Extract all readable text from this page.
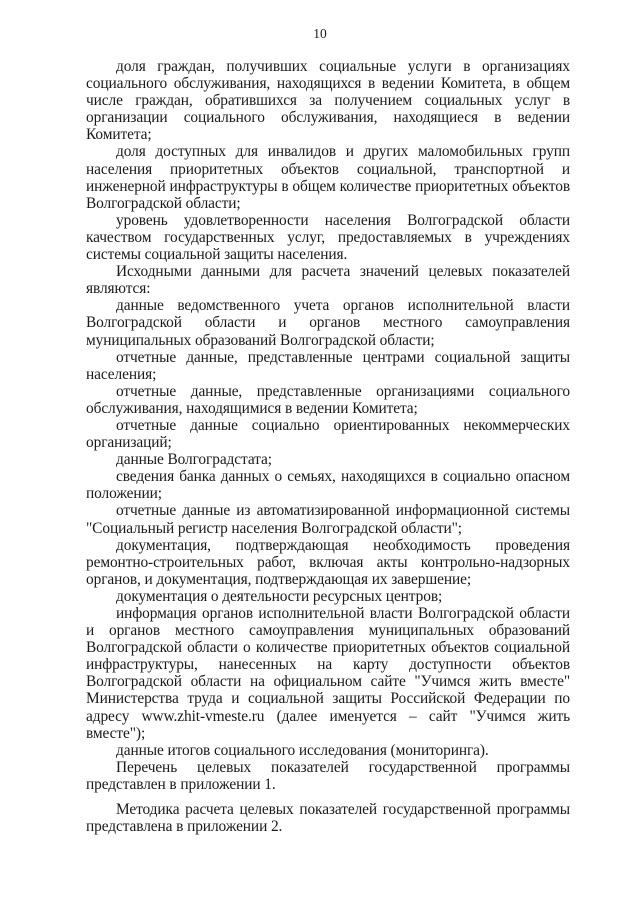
10

доля граждан, получивших социальные услуги в организациях социального обслуживания, находящихся в ведении Комитета, в общем числе граждан, обратившихся за получением социальных услуг в организации социального обслуживания, находящиеся в ведении Комитета;

доля доступных для инвалидов и других маломобильных групп населения приоритетных объектов социальной, транспортной и инженерной инфраструктуры в общем количестве приоритетных объектов Волгоградской области;

уровень удовлетворенности населения Волгоградской области качеством государственных услуг, предоставляемых в учреждениях системы социальной защиты населения.

Исходными данными для расчета значений целевых показателей являются:

данные ведомственного учета органов исполнительной власти Волгоградской области и органов местного самоуправления муниципальных образований Волгоградской области;

отчетные данные, представленные центрами социальной защиты населения;

отчетные данные, представленные организациями социального обслуживания, находящимися в ведении Комитета;

отчетные данные социально ориентированных некоммерческих организаций;

данные Волгоградстата;

сведения банка данных о семьях, находящихся в социально опасном положении;

отчетные данные из автоматизированной информационной системы "Социальный регистр населения Волгоградской области";

документация, подтверждающая необходимость проведения ремонтно-строительных работ, включая акты контрольно-надзорных органов, и документация, подтверждающая их завершение;

документация о деятельности ресурсных центров;

информация органов исполнительной власти Волгоградской области и органов местного самоуправления муниципальных образований Волгоградской области о количестве приоритетных объектов социальной инфраструктуры, нанесенных на карту доступности объектов Волгоградской области на официальном сайте "Учимся жить вместе" Министерства труда и социальной защиты Российской Федерации по адресу www.zhit-vmeste.ru (далее именуется – сайт "Учимся жить вместе");

данные итогов социального исследования (мониторинга).

Перечень целевых показателей государственной программы представлен в приложении 1.

Методика расчета целевых показателей государственной программы представлена в приложении 2.
